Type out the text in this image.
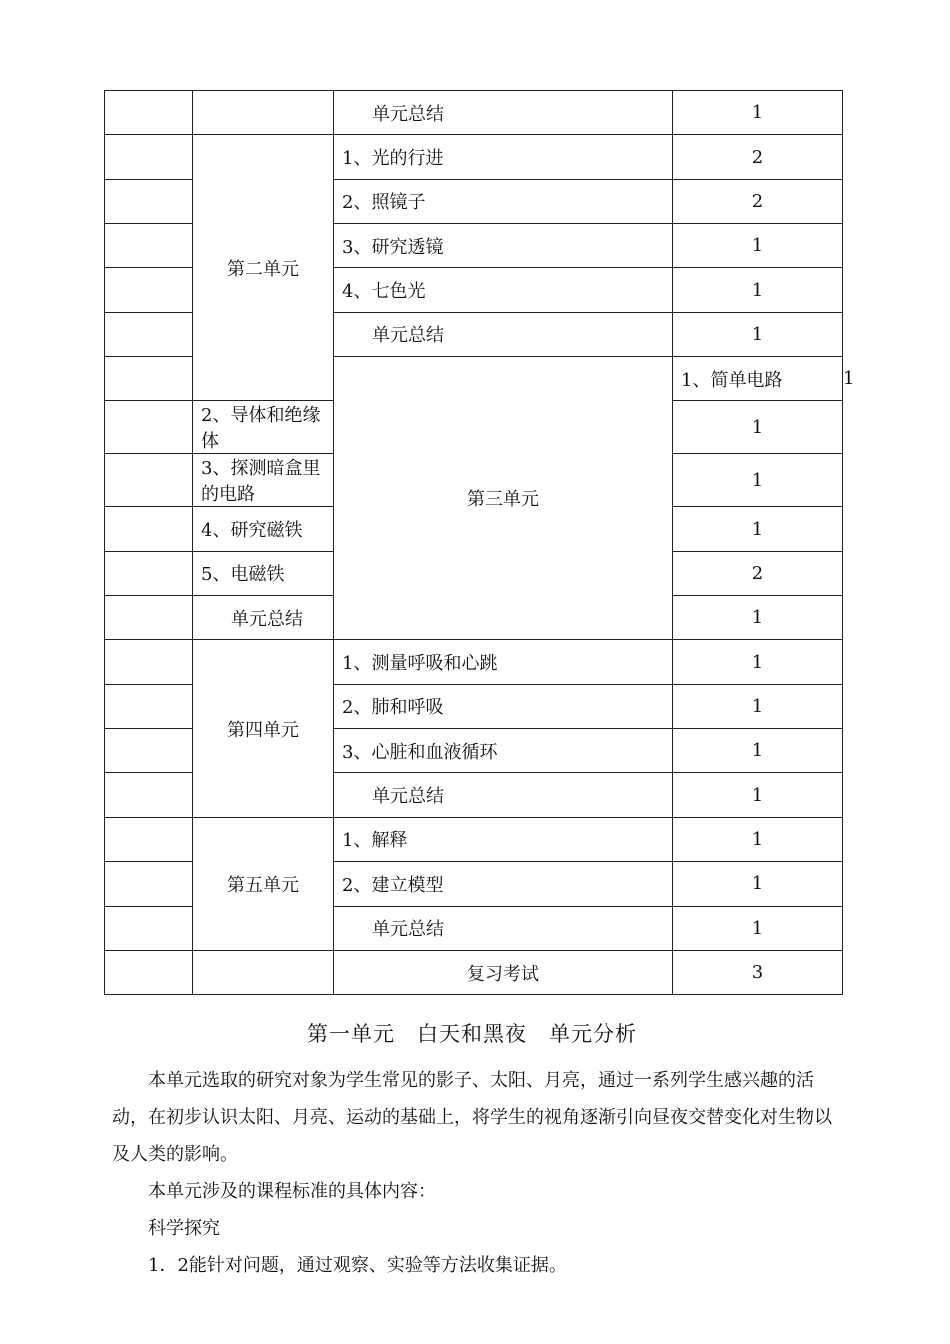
		单元总结	1	
	第二单元	1、光的行进	2	
		2、照镜子	2	
		3、研究透镜	1	
		4、七色光	1	
		单元总结	1	
		第三单元	1、简单电路	1
	2、导体和绝缘体		1	
	3、探测暗盒里的电路		1	
	4、研究磁铁		1	
	5、电磁铁		2	
	单元总结		1	
	第四单元	1、测量呼吸和心跳	1	
		2、肺和呼吸	1	
		3、心脏和血液循环	1	
		单元总结	1	
	第五单元	1、解释	1	
		2、建立模型	1	
		单元总结	1	
		复习考试	3	
第一单元　白天和黑夜　单元分析

本单元选取的研究对象为学生常见的影子、太阳、月亮，通过一系列学生感兴趣的活动，在初步认识太阳、月亮、运动的基础上，将学生的视角逐渐引向昼夜交替变化对生物以及人类的影响。

本单元涉及的课程标准的具体内容：

科学探究

1．2能针对问题，通过观察、实验等方法收集证据。
